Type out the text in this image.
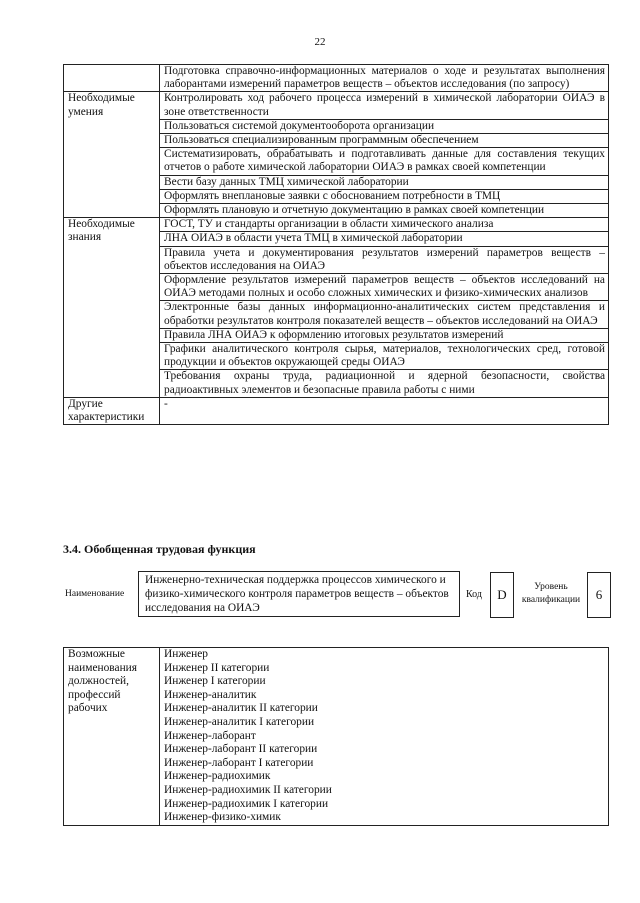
22
	Подготовка справочно-информационных материалов о ходе и результатах выполнения лаборантами измерений параметров веществ – объектов исследования (по запросу)
Необходимые умения	Контролировать ход рабочего процесса измерений в химической лаборатории ОИАЭ в зоне ответственности
	Пользоваться системой документооборота организации
	Пользоваться специализированным программным обеспечением
	Систематизировать, обрабатывать и подготавливать данные для составления текущих отчетов о работе химической лаборатории ОИАЭ в рамках своей компетенции
	Вести базу данных ТМЦ химической лаборатории
	Оформлять внеплановые заявки с обоснованием потребности в ТМЦ
	Оформлять плановую и отчетную документацию в рамках своей компетенции
Необходимые знания	ГОСТ, ТУ и стандарты организации в области химического анализа
	ЛНА ОИАЭ в области учета ТМЦ в химической лаборатории
	Правила учета и документирования результатов измерений параметров веществ – объектов исследования на ОИАЭ
	Оформление результатов измерений параметров веществ – объектов исследований на ОИАЭ методами полных и особо сложных химических и физико-химических анализов
	Электронные базы данных информационно-аналитических систем представления и обработки результатов контроля показателей веществ – объектов исследований на ОИАЭ
	Правила ЛНА ОИАЭ к оформлению итоговых результатов измерений
	Графики аналитического контроля сырья, материалов, технологических сред, готовой продукции и объектов окружающей среды ОИАЭ
	Требования охраны труда, радиационной и ядерной безопасности, свойства радиоактивных элементов и безопасные правила работы с ними
Другие характеристики	-
3.4. Обобщенная трудовая функция
Наименование
Инженерно-техническая поддержка процессов химического и физико-химического контроля параметров веществ – объектов исследования на ОИАЭ
Код	D	Уровень квалификации	6
Возможные наименования должностей, профессий рабочих	
Инженер
Инженер II категории
Инженер I категории
Инженер-аналитик
Инженер-аналитик II категории
Инженер-аналитик I категории
Инженер-лаборант
Инженер-лаборант II категории
Инженер-лаборант I категории
Инженер-радиохимик
Инженер-радиохимик II категории
Инженер-радиохимик I категории
Инженер-физико-химик
